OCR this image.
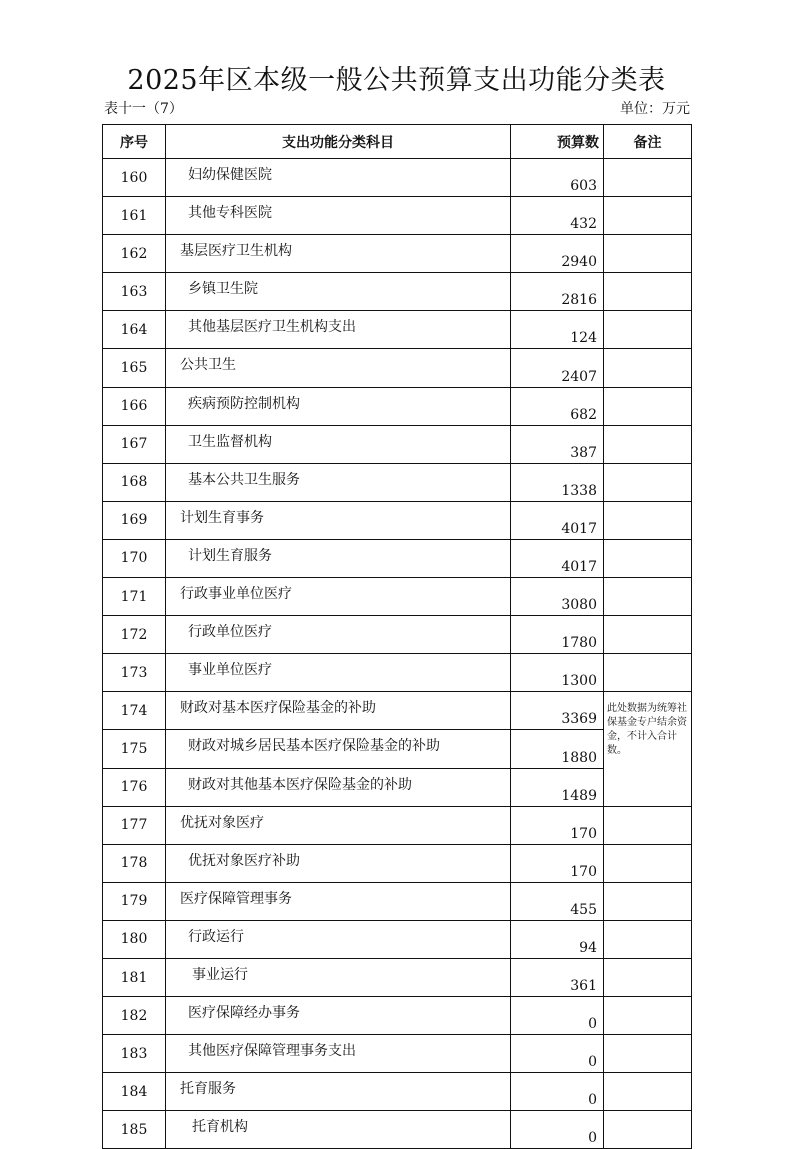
2025年区本级一般公共预算支出功能分类表
表十一（7）	单位：万元
序号	支出功能分类科目	预算数	备注
160	妇幼保健医院	603	
161	其他专科医院	432	
162	基层医疗卫生机构	2940	
163	乡镇卫生院	2816	
164	其他基层医疗卫生机构支出	124	
165	公共卫生	2407	
166	疾病预防控制机构	682	
167	卫生监督机构	387	
168	基本公共卫生服务	1338	
169	计划生育事务	4017	
170	计划生育服务	4017	
171	行政事业单位医疗	3080	
172	行政单位医疗	1780	
173	事业单位医疗	1300	
174	财政对基本医疗保险基金的补助	3369	此处数据为统筹社保基金专户结余资金，不计入合计数。
175	财政对城乡居民基本医疗保险基金的补助	1880	
176	财政对其他基本医疗保险基金的补助	1489	
177	优抚对象医疗	170	
178	优抚对象医疗补助	170	
179	医疗保障管理事务	455	
180	行政运行	94	
181	事业运行	361	
182	医疗保障经办事务	0	
183	其他医疗保障管理事务支出	0	
184	托育服务	0	
185	托育机构	0	
